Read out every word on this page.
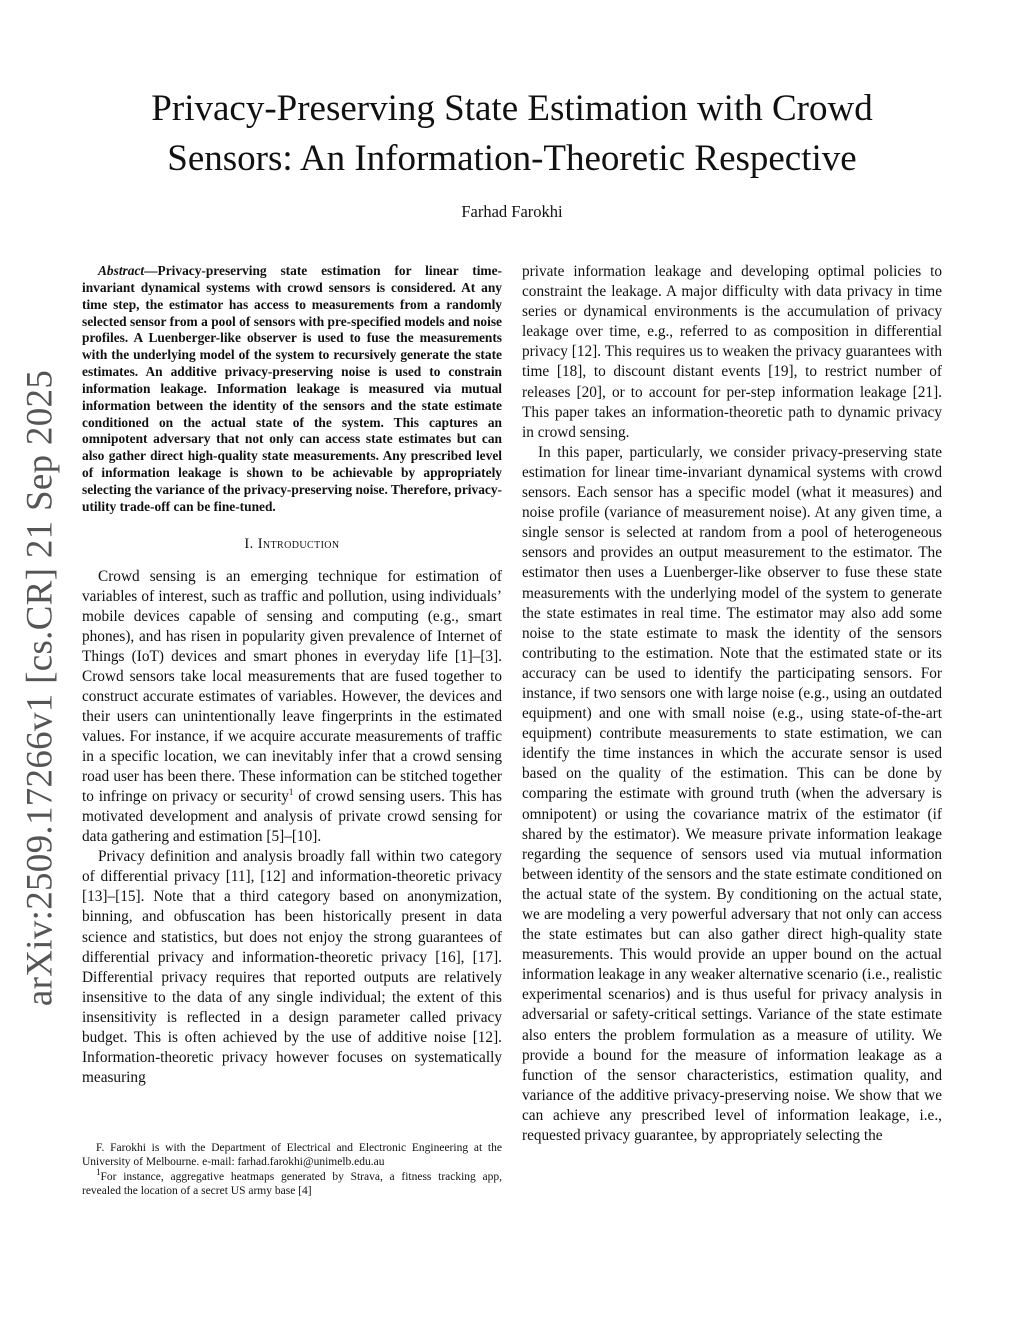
arXiv:2509.17266v1 [cs.CR] 21 Sep 2025
Privacy-Preserving State Estimation with Crowd
Sensors: An Information-Theoretic Respective
Farhad Farokhi

Abstract—Privacy-preserving state estimation for linear time-invariant dynamical systems with crowd sensors is considered. At any time step, the estimator has access to measurements from a randomly selected sensor from a pool of sensors with pre-specified models and noise profiles. A Luenberger-like observer is used to fuse the measurements with the underlying model of the system to recursively generate the state estimates. An additive privacy-preserving noise is used to constrain information leakage. Information leakage is measured via mutual information between the identity of the sensors and the state estimate conditioned on the actual state of the system. This captures an omnipotent adversary that not only can access state estimates but can also gather direct high-quality state measurements. Any prescribed level of information leakage is shown to be achievable by appropriately selecting the variance of the privacy-preserving noise. Therefore, privacy-utility trade-off can be fine-tuned.

I. Introduction

Crowd sensing is an emerging technique for estimation of variables of interest, such as traffic and pollution, using individuals’ mobile devices capable of sensing and computing (e.g., smart phones), and has risen in popularity given prevalence of Internet of Things (IoT) devices and smart phones in everyday life [1]–[3]. Crowd sensors take local measurements that are fused together to construct accurate estimates of variables. However, the devices and their users can unintentionally leave fingerprints in the estimated values. For instance, if we acquire accurate measurements of traffic in a specific location, we can inevitably infer that a crowd sensing road user has been there. These information can be stitched together to infringe on privacy or security$^1$ of crowd sensing users. This has motivated development and analysis of private crowd sensing for data gathering and estimation [5]–[10].

Privacy definition and analysis broadly fall within two category of differential privacy [11], [12] and information-theoretic privacy [13]–[15]. Note that a third category based on anonymization, binning, and obfuscation has been historically present in data science and statistics, but does not enjoy the strong guarantees of differential privacy and information-theoretic privacy [16], [17]. Differential privacy requires that reported outputs are relatively insensitive to the data of any single individual; the extent of this insensitivity is reflected in a design parameter called privacy budget. This is often achieved by the use of additive noise [12]. Information-theoretic privacy however focuses on systematically measuring

F. Farokhi is with the Department of Electrical and Electronic Engineering at the University of Melbourne. e-mail: farhad.farokhi@unimelb.edu.au

$^1$For instance, aggregative heatmaps generated by Strava, a fitness tracking app, revealed the location of a secret US army base [4]

private information leakage and developing optimal policies to constraint the leakage. A major difficulty with data privacy in time series or dynamical environments is the accumulation of privacy leakage over time, e.g., referred to as composition in differential privacy [12]. This requires us to weaken the privacy guarantees with time [18], to discount distant events [19], to restrict number of releases [20], or to account for per-step information leakage [21]. This paper takes an information-theoretic path to dynamic privacy in crowd sensing.

In this paper, particularly, we consider privacy-preserving state estimation for linear time-invariant dynamical systems with crowd sensors. Each sensor has a specific model (what it measures) and noise profile (variance of measurement noise). At any given time, a single sensor is selected at random from a pool of heterogeneous sensors and provides an output measurement to the estimator. The estimator then uses a Luenberger-like observer to fuse these state measurements with the underlying model of the system to generate the state estimates in real time. The estimator may also add some noise to the state estimate to mask the identity of the sensors contributing to the estimation. Note that the estimated state or its accuracy can be used to identify the participating sensors. For instance, if two sensors one with large noise (e.g., using an outdated equipment) and one with small noise (e.g., using state-of-the-art equipment) contribute measurements to state estimation, we can identify the time instances in which the accurate sensor is used based on the quality of the estimation. This can be done by comparing the estimate with ground truth (when the adversary is omnipotent) or using the covariance matrix of the estimator (if shared by the estimator). We measure private information leakage regarding the sequence of sensors used via mutual information between identity of the sensors and the state estimate conditioned on the actual state of the system. By conditioning on the actual state, we are modeling a very powerful adversary that not only can access the state estimates but can also gather direct high-quality state measurements. This would provide an upper bound on the actual information leakage in any weaker alternative scenario (i.e., realistic experimental scenarios) and is thus useful for privacy analysis in adversarial or safety-critical settings. Variance of the state estimate also enters the problem formulation as a measure of utility. We provide a bound for the measure of information leakage as a function of the sensor characteristics, estimation quality, and variance of the additive privacy-preserving noise. We show that we can achieve any prescribed level of information leakage, i.e., requested privacy guarantee, by appropriately selecting the
